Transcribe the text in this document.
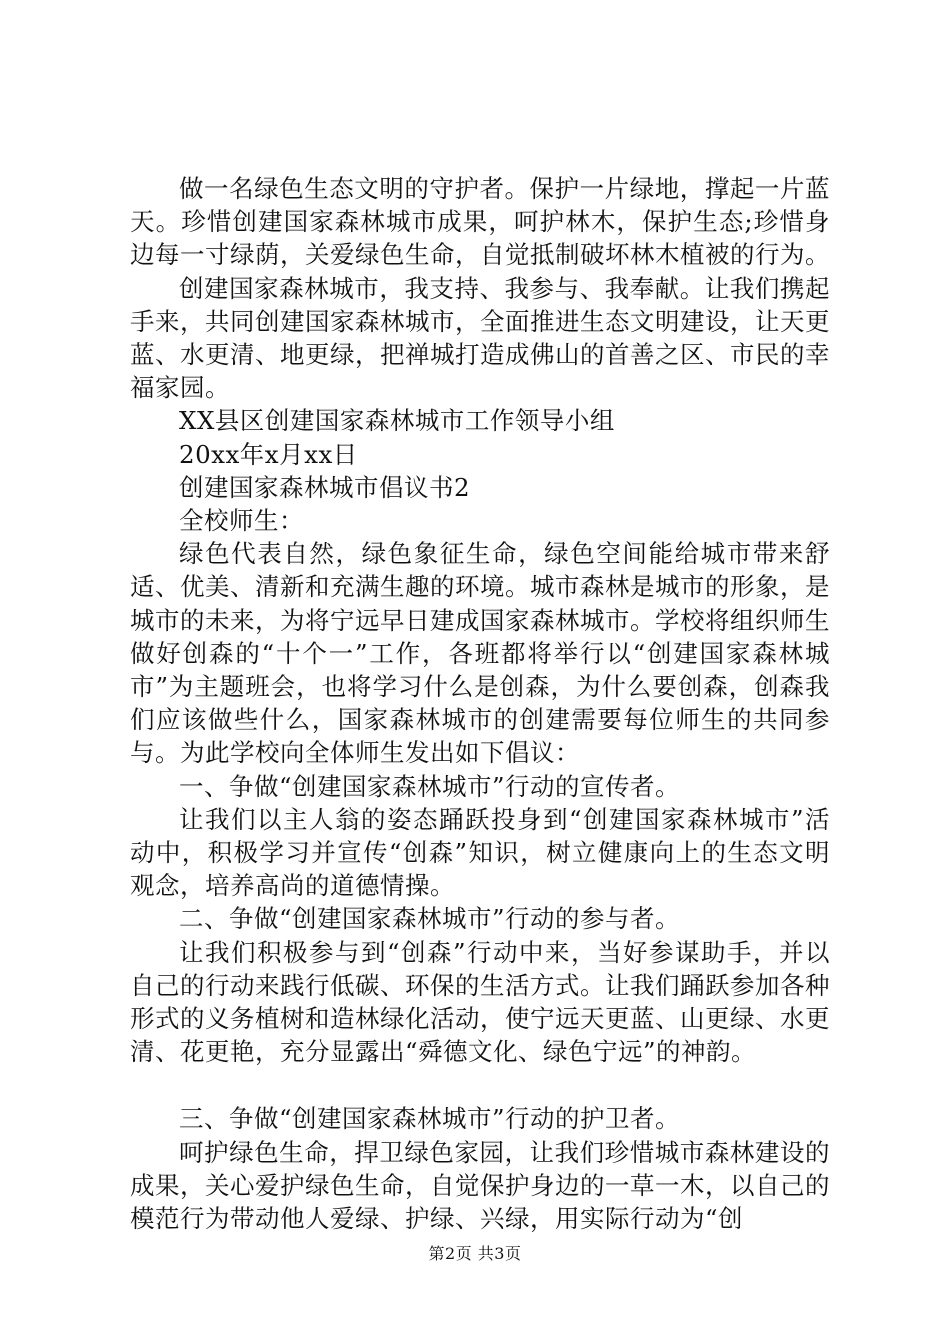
做一名绿色生态文明的守护者。保护一片绿地，撑起一片蓝天。珍惜创建国家森林城市成果，呵护林木，保护生态;珍惜身边每一寸绿荫，关爱绿色生命，自觉抵制破坏林木植被的行为。

创建国家森林城市，我支持、我参与、我奉献。让我们携起手来，共同创建国家森林城市，全面推进生态文明建设，让天更蓝、水更清、地更绿，把禅城打造成佛山的首善之区、市民的幸福家园。

XX县区创建国家森林城市工作领导小组

20xx年x月xx日

创建国家森林城市倡议书2

全校师生：

绿色代表自然，绿色象征生命，绿色空间能给城市带来舒适、优美、清新和充满生趣的环境。城市森林是城市的形象，是城市的未来，为将宁远早日建成国家森林城市。学校将组织师生做好创森的“十个一”工作，各班都将举行以“创建国家森林城市”为主题班会，也将学习什么是创森，为什么要创森，创森我们应该做些什么，国家森林城市的创建需要每位师生的共同参与。为此学校向全体师生发出如下倡议：

一、争做“创建国家森林城市”行动的宣传者。

让我们以主人翁的姿态踊跃投身到“创建国家森林城市”活动中，积极学习并宣传“创森”知识，树立健康向上的生态文明观念，培养高尚的道德情操。

二、争做“创建国家森林城市”行动的参与者。

让我们积极参与到“创森”行动中来，当好参谋助手，并以自己的行动来践行低碳、环保的生活方式。让我们踊跃参加各种形式的义务植树和造林绿化活动，使宁远天更蓝、山更绿、水更清、花更艳，充分显露出“舜德文化、绿色宁远”的神韵。

三、争做“创建国家森林城市”行动的护卫者。

呵护绿色生命，捍卫绿色家园，让我们珍惜城市森林建设的成果，关心爱护绿色生命，自觉保护身边的一草一木，以自己的模范行为带动他人爱绿、护绿、兴绿，用实际行动为“创

第2页 共3页
